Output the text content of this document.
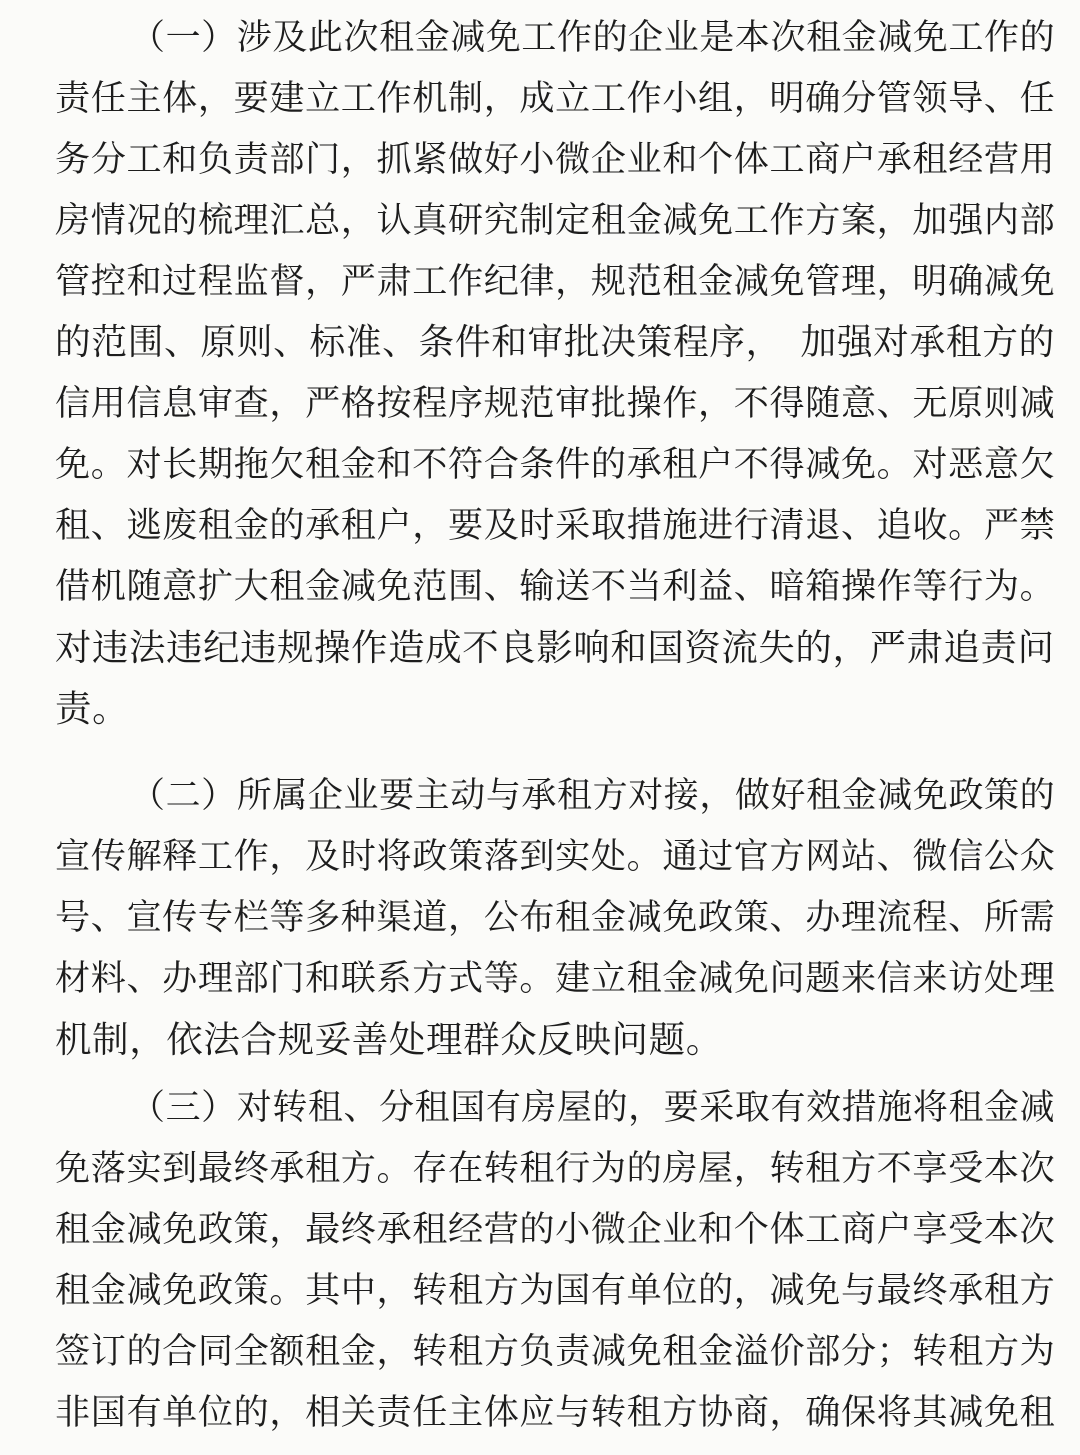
（一）涉及此次租金减免工作的企业是本次租金减免工作的
责任主体，要建立工作机制，成立工作小组，明确分管领导、任
务分工和负责部门，抓紧做好小微企业和个体工商户承租经营用
房情况的梳理汇总，认真研究制定租金减免工作方案，加强内部
管控和过程监督，严肃工作纪律，规范租金减免管理，明确减免
的范围、原则、标准、条件和审批决策程序，　加强对承租方的
信用信息审查，严格按程序规范审批操作，不得随意、无原则减
免。对长期拖欠租金和不符合条件的承租户不得减免。对恶意欠
租、逃废租金的承租户，要及时采取措施进行清退、追收。严禁
借机随意扩大租金减免范围、输送不当利益、暗箱操作等行为。
对违法违纪违规操作造成不良影响和国资流失的，严肃追责问
责。
（二）所属企业要主动与承租方对接，做好租金减免政策的
宣传解释工作，及时将政策落到实处。通过官方网站、微信公众
号、宣传专栏等多种渠道，公布租金减免政策、办理流程、所需
材料、办理部门和联系方式等。建立租金减免问题来信来访处理
机制，依法合规妥善处理群众反映问题。
（三）对转租、分租国有房屋的，要采取有效措施将租金减
免落实到最终承租方。存在转租行为的房屋，转租方不享受本次
租金减免政策，最终承租经营的小微企业和个体工商户享受本次
租金减免政策。其中，转租方为国有单位的，减免与最终承租方
签订的合同全额租金，转租方负责减免租金溢价部分；转租方为
非国有单位的，相关责任主体应与转租方协商，确保将其减免租
